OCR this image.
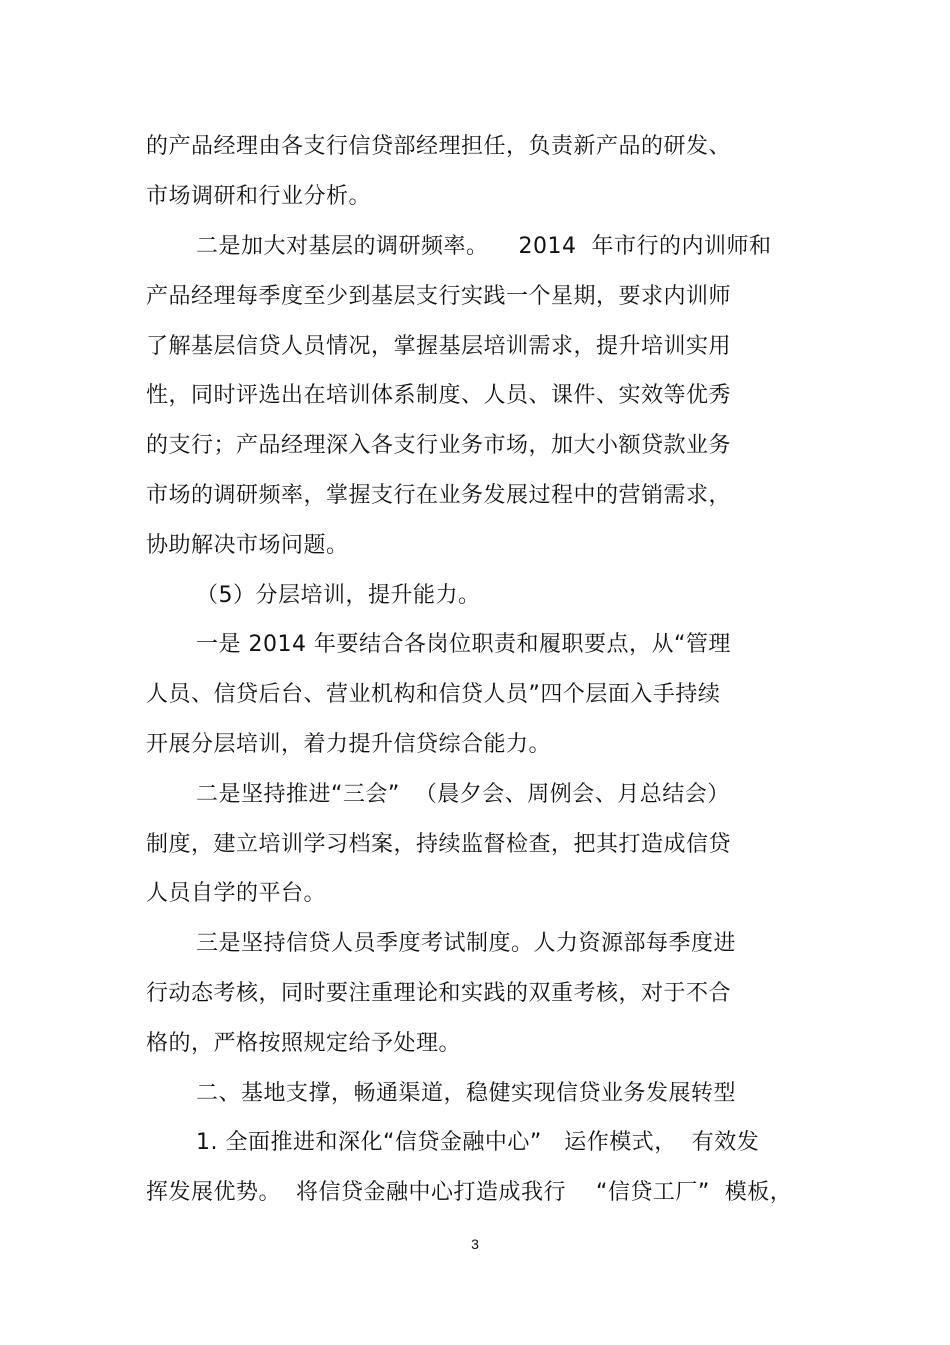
的产品经理由各支行信贷部经理担任，负责新产品的研发、
市场调研和行业分析。
二是加大对基层的调研频率。    2014  年市行的内训师和
产品经理每季度至少到基层支行实践一个星期，要求内训师
了解基层信贷人员情况，掌握基层培训需求，提升培训实用
性，同时评选出在培训体系制度、人员、课件、实效等优秀
的支行；产品经理深入各支行业务市场，加大小额贷款业务
市场的调研频率，掌握支行在业务发展过程中的营销需求，
协助解决市场问题。
（5）分层培训，提升能力。
一是 2014 年要结合各岗位职责和履职要点，从“管理
人员、信贷后台、营业机构和信贷人员”四个层面入手持续
开展分层培训，着力提升信贷综合能力。
二是坚持推进“三会”  （晨夕会、周例会、月总结会）
制度，建立培训学习档案，持续监督检查，把其打造成信贷
人员自学的平台。
三是坚持信贷人员季度考试制度。人力资源部每季度进
行动态考核，同时要注重理论和实践的双重考核，对于不合
格的，严格按照规定给予处理。
二、基地支撑，畅通渠道，稳健实现信贷业务发展转型
1. 全面推进和深化“信贷金融中心”   运作模式，  有效发
挥发展优势。  将信贷金融中心打造成我行    “信贷工厂”  模板，
3
